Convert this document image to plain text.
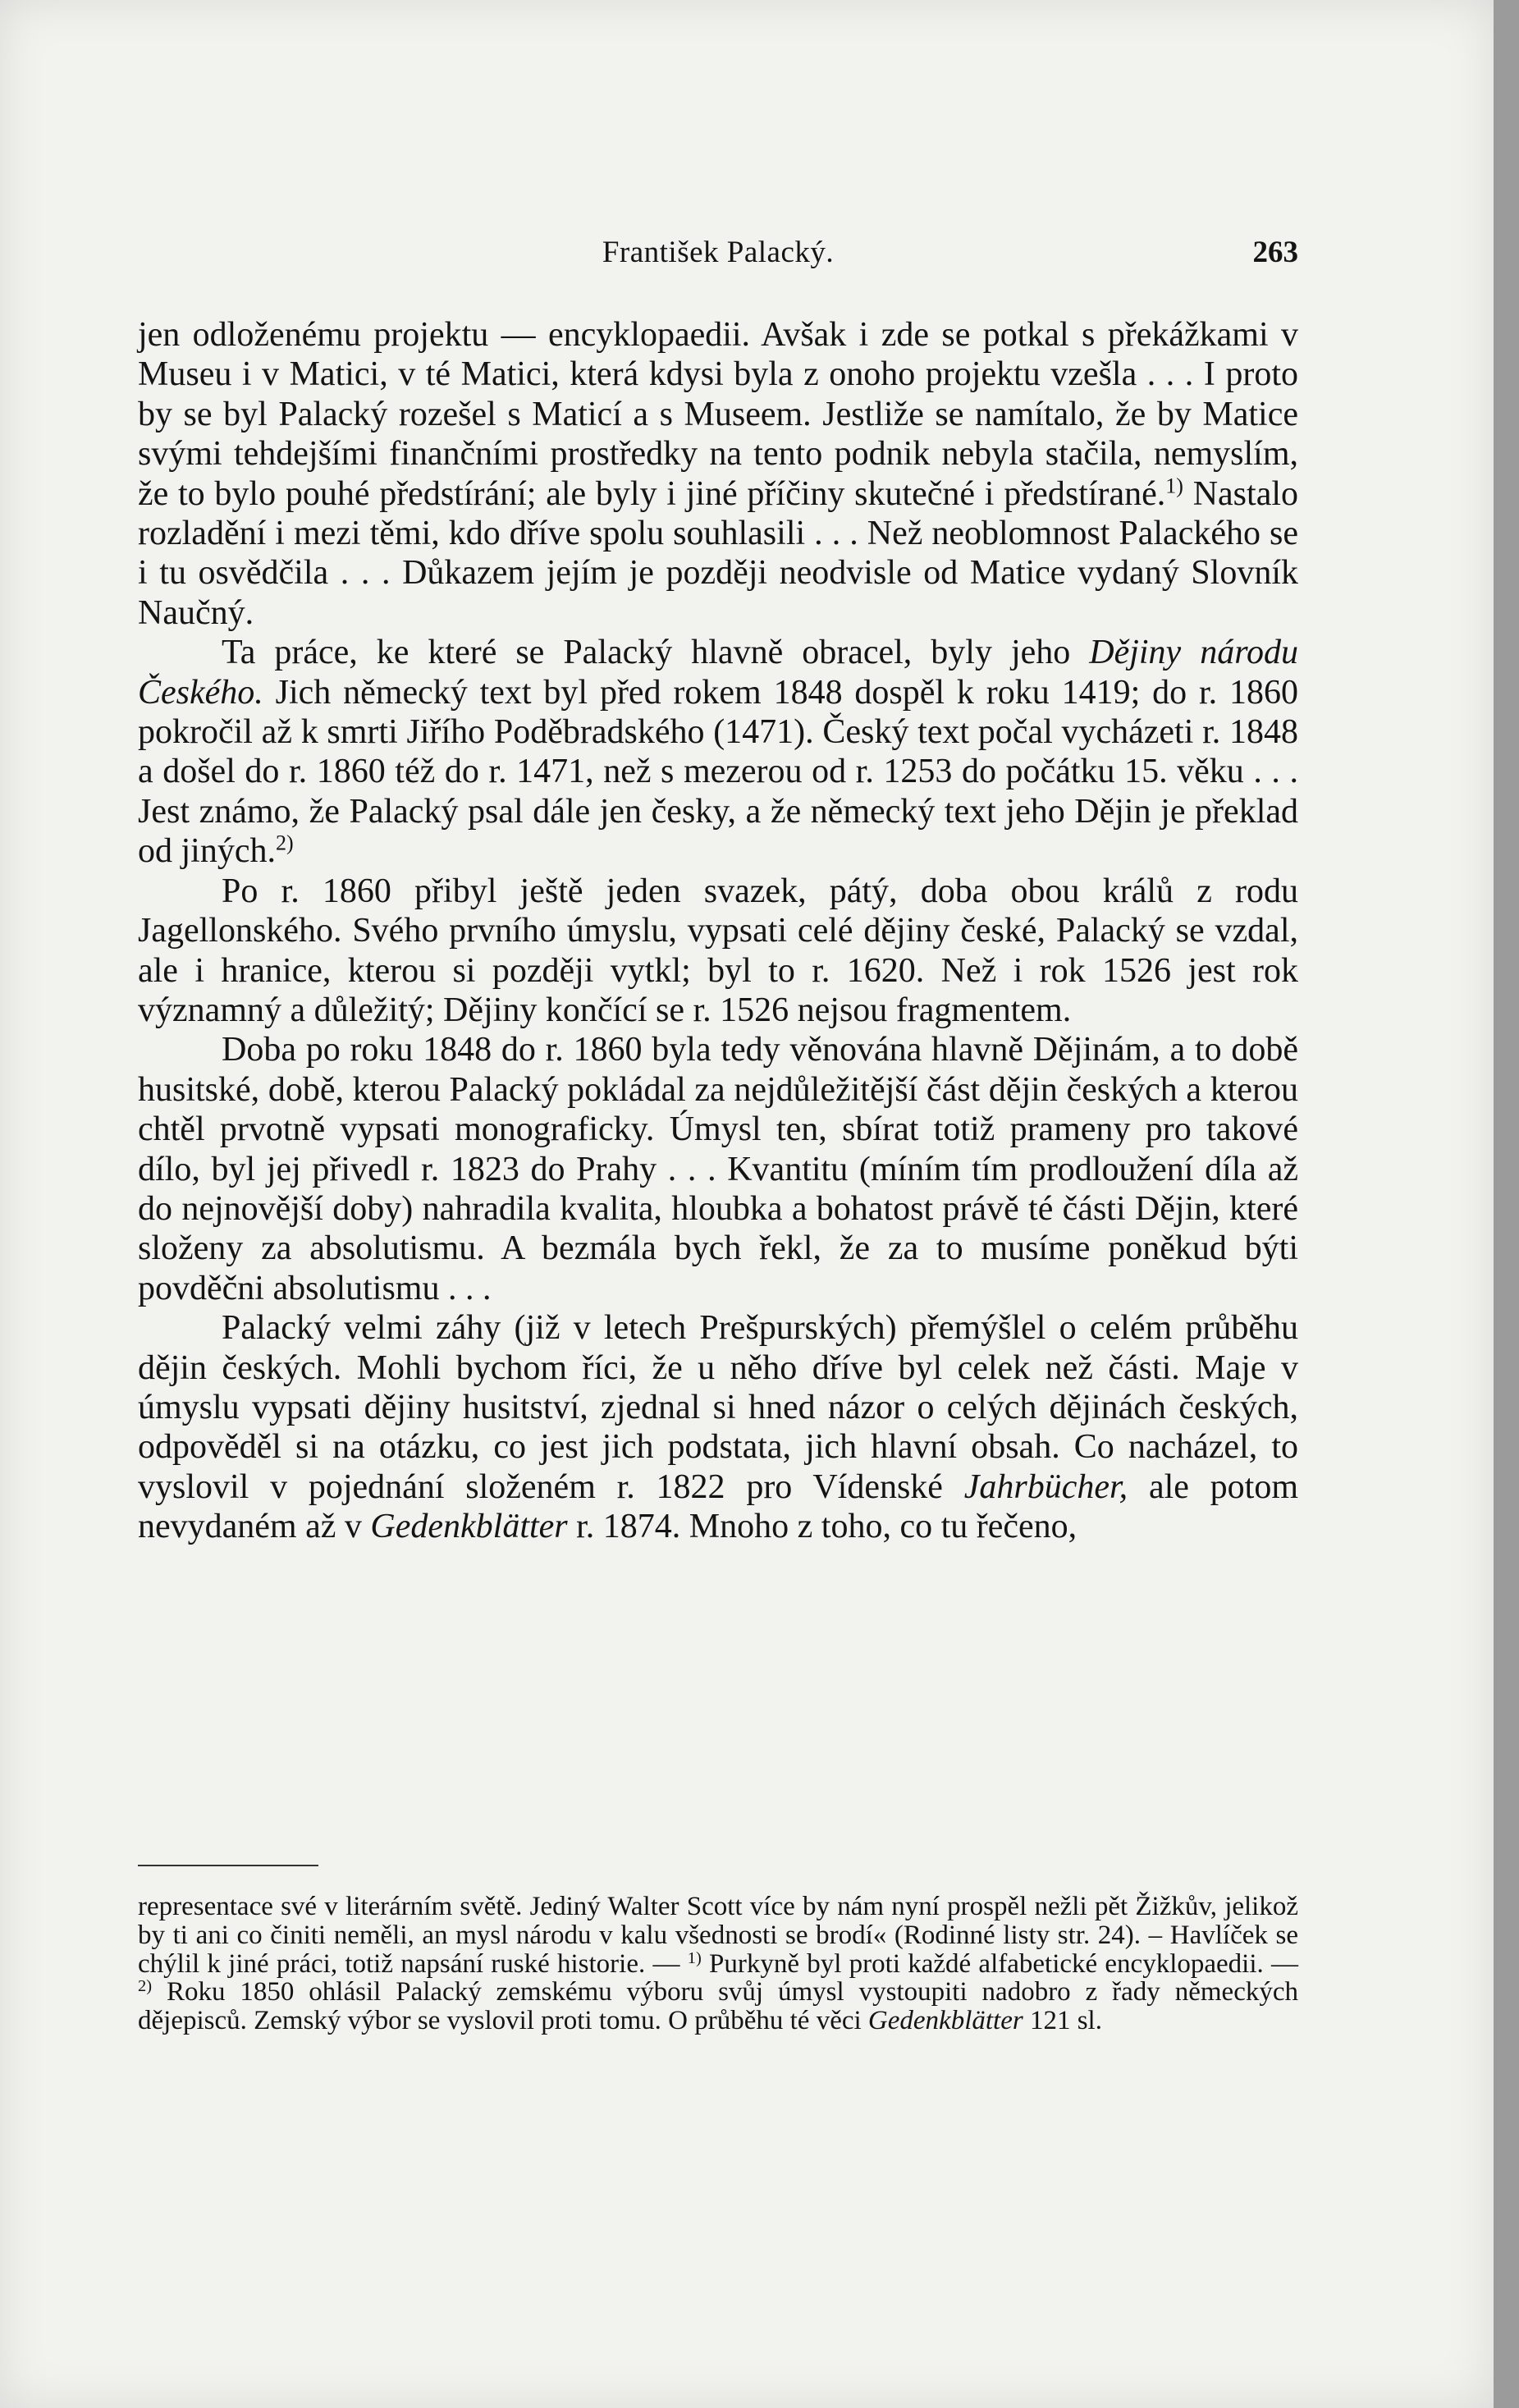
František Palacký.	263

jen odloženému projektu — encyklopaedii. Avšak i zde se potkal s překážkami v Museu i v Matici, v té Matici, která kdysi byla z onoho projektu vzešla . . . I proto by se byl Palacký rozešel s Maticí a s Museem. Jestliže se namítalo, že by Matice svými tehdejšími finančními prostředky na tento podnik nebyla stačila, nemyslím, že to bylo pouhé předstírání; ale byly i jiné příčiny skutečné i předstírané.$^{1)}$ Nastalo rozladění i mezi těmi, kdo dříve spolu souhlasili . . . Než neoblomnost Palackého se i tu osvědčila . . . Důkazem jejím je později neodvisle od Matice vydaný Slovník Naučný.

Ta práce, ke které se Palacký hlavně obracel, byly jeho Dějiny národu Českého. Jich německý text byl před rokem 1848 dospěl k roku 1419; do r. 1860 pokročil až k smrti Jiřího Poděbradského (1471). Český text počal vycházeti r. 1848 a došel do r. 1860 též do r. 1471, než s mezerou od r. 1253 do počátku 15. věku . . . Jest známo, že Palacký psal dále jen česky, a že německý text jeho Dějin je překlad od jiných.$^{2)}$

Po r. 1860 přibyl ještě jeden svazek, pátý, doba obou králů z rodu Jagellonského. Svého prvního úmyslu, vypsati celé dějiny české, Palacký se vzdal, ale i hranice, kterou si později vytkl; byl to r. 1620. Než i rok 1526 jest rok významný a důležitý; Dějiny končící se r. 1526 nejsou fragmentem.

Doba po roku 1848 do r. 1860 byla tedy věnována hlavně Dějinám, a to době husitské, době, kterou Palacký pokládal za nejdůležitější část dějin českých a kterou chtěl prvotně vypsati monograficky. Úmysl ten, sbírat totiž prameny pro takové dílo, byl jej přivedl r. 1823 do Prahy . . . Kvantitu (míním tím prodloužení díla až do nejnovější doby) nahradila kvalita, hloubka a bohatost právě té části Dějin, které složeny za absolutismu. A bezmála bych řekl, že za to musíme poněkud býti povděčni absolutismu . . .

Palacký velmi záhy (již v letech Prešpurských) přemýšlel o celém průběhu dějin českých. Mohli bychom říci, že u něho dříve byl celek než části. Maje v úmyslu vypsati dějiny husitství, zjednal si hned názor o celých dějinách českých, odpověděl si na otázku, co jest jich podstata, jich hlavní obsah. Co nacházel, to vyslovil v pojednání složeném r. 1822 pro Vídenské Jahrbücher, ale potom nevydaném až v Gedenkblätter r. 1874. Mnoho z toho, co tu řečeno,

representace své v literárním světě. Jediný Walter Scott více by nám nyní prospěl nežli pět Žižkův, jelikož by ti ani co činiti neměli, an mysl národu v kalu všednosti se brodí« (Rodinné listy str. 24). – Havlíček se chýlil k jiné práci, totiž napsání ruské historie. — $^{1)}$ Purkyně byl proti každé alfabetické encyklopaedii. — $^{2)}$ Roku 1850 ohlásil Palacký zemskému výboru svůj úmysl vystoupiti nadobro z řady německých dějepisců. Zemský výbor se vyslovil proti tomu. O průběhu té věci Gedenkblätter 121 sl.
